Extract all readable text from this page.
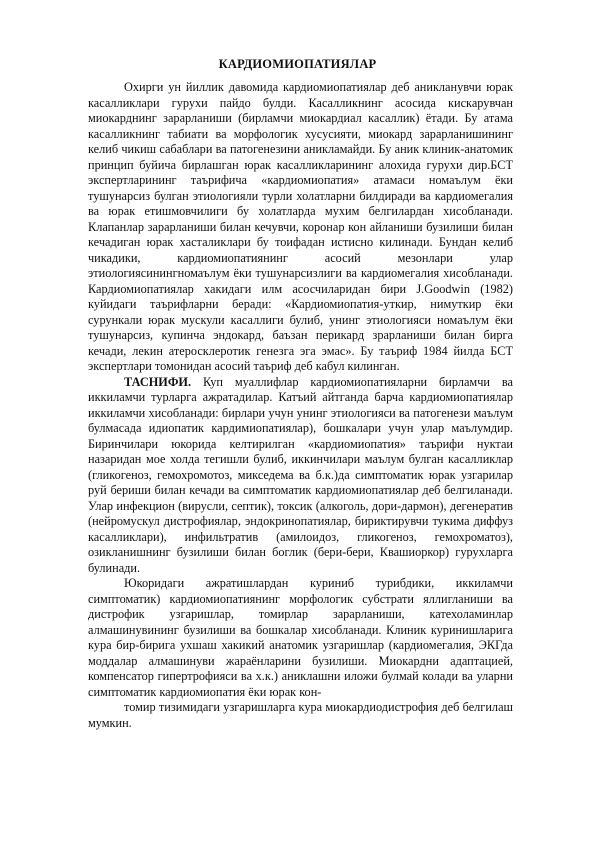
КАРДИОМИОПАТИЯЛАР

Охирги ун йиллик давомида кардиомиопатиялар деб аникланувчи юрак касалликлари гурухи пайдо булди. Касалликнинг асосида кискарувчан миокарднинг зарарланиши (бирламчи миокардиал касаллик) ётади. Бу атама касалликнинг табиати ва морфологик хусусияти, миокард зарарланишининг келиб чикиш сабаблари ва патогенезини аникламайди. Бу аник клиник-анатомик принцип буйича бирлашган юрак касалликларининг алохида гурухи дир.БСТ экспертларининг таърифича «кардиомиопатия» атамаси номаълум ёки тушунарсиз булган этиологияли турли холатларни билдиради ва кардиомегалия ва юрак етишмовчилиги бу холатларда мухим белгилардан хисобланади. Клапанлар зарарланиши билан кечувчи, коронар кон айланиши бузилиши билан кечадиган юрак хасталиклари бу тоифадан истисно килинади. Бундан келиб чикадики, кардиомиопатиянинг асосий мезонлари улар этиологиясинингномаълум ёки тушунарсизлиги ва кардиомегалия хисобланади. Кардиомиопатиялар хакидаги илм асосчиларидан бири J.Goodwin (1982) куйидаги таърифларни беради: «Кардиомиопатия-уткир, нимуткир ёки сурункали юрак мускули касаллиги булиб, унинг этиологияси номаълум ёки тушунарсиз, купинча эндокард, баъзан перикард зрарланиши билан бирга кечади, лекин атеросклеротик генезга эга эмас». Бу таъриф 1984 йилда БСТ экспертлари томонидан асосий таъриф деб кабул килинган.

ТАСНИФИ. Куп муаллифлар кардиомиопатияларни бирламчи ва иккиламчи турларга ажратадилар. Катъий айтганда барча кардиомиопатиялар иккиламчи хисобланади: бирлари учун унинг этиологияси ва патогенези маълум булмасада идиопатик кардимиопатиялар), бошкалари учун улар маълумдир. Биринчилари юкорида келтирилган «кардиомиопатия» таърифи нуктаи назаридан мое холда тегишли булиб, иккинчилари маълум булган касалликлар (гликогеноз, гемохромотоз, микседема ва б.к.)да симптоматик юрак узгарилар руй бериши билан кечади ва симптоматик кардиомиопатиялар деб белгиланади. Улар инфекцион (вирусли, септик), токсик (алкоголь, дори-дармон), дегенератив (нейромускул дистрофиялар, эндокринопатиялар, бириктирувчи тукима диффуз касалликлари), инфильтратив (амилоидоз, гликогеноз, гемохроматоз), озикланишнинг бузилиши билан боглик (бери-бери, Квашиоркор) гурухларга булинади.

Юкоридаги ажратишлардан куриниб турибдики, иккиламчи симптоматик) кардиомиопатиянинг морфологик субстрати яллигланиши ва дистрофик узгаришлар, томирлар зарарланиши, катехоламинлар алмашинувининг бузилиши ва бошкалар хисобланади. Клиник куринишларига кура бир-бирига ухшаш хакикий анатомик узгаришлар (кардиомегалия, ЭКГда моддалар алмашинуви жараёнларини бузилиши. Миокардни адаптацией, компенсатор гипертрофияси ва х.к.) аниклашни иложи булмай колади ва уларни симптоматик кардиомиопатия ёки юрак кон-

томир тизимидаги узгаришларга кура миокардиодистрофия деб белгилаш мумкин.
